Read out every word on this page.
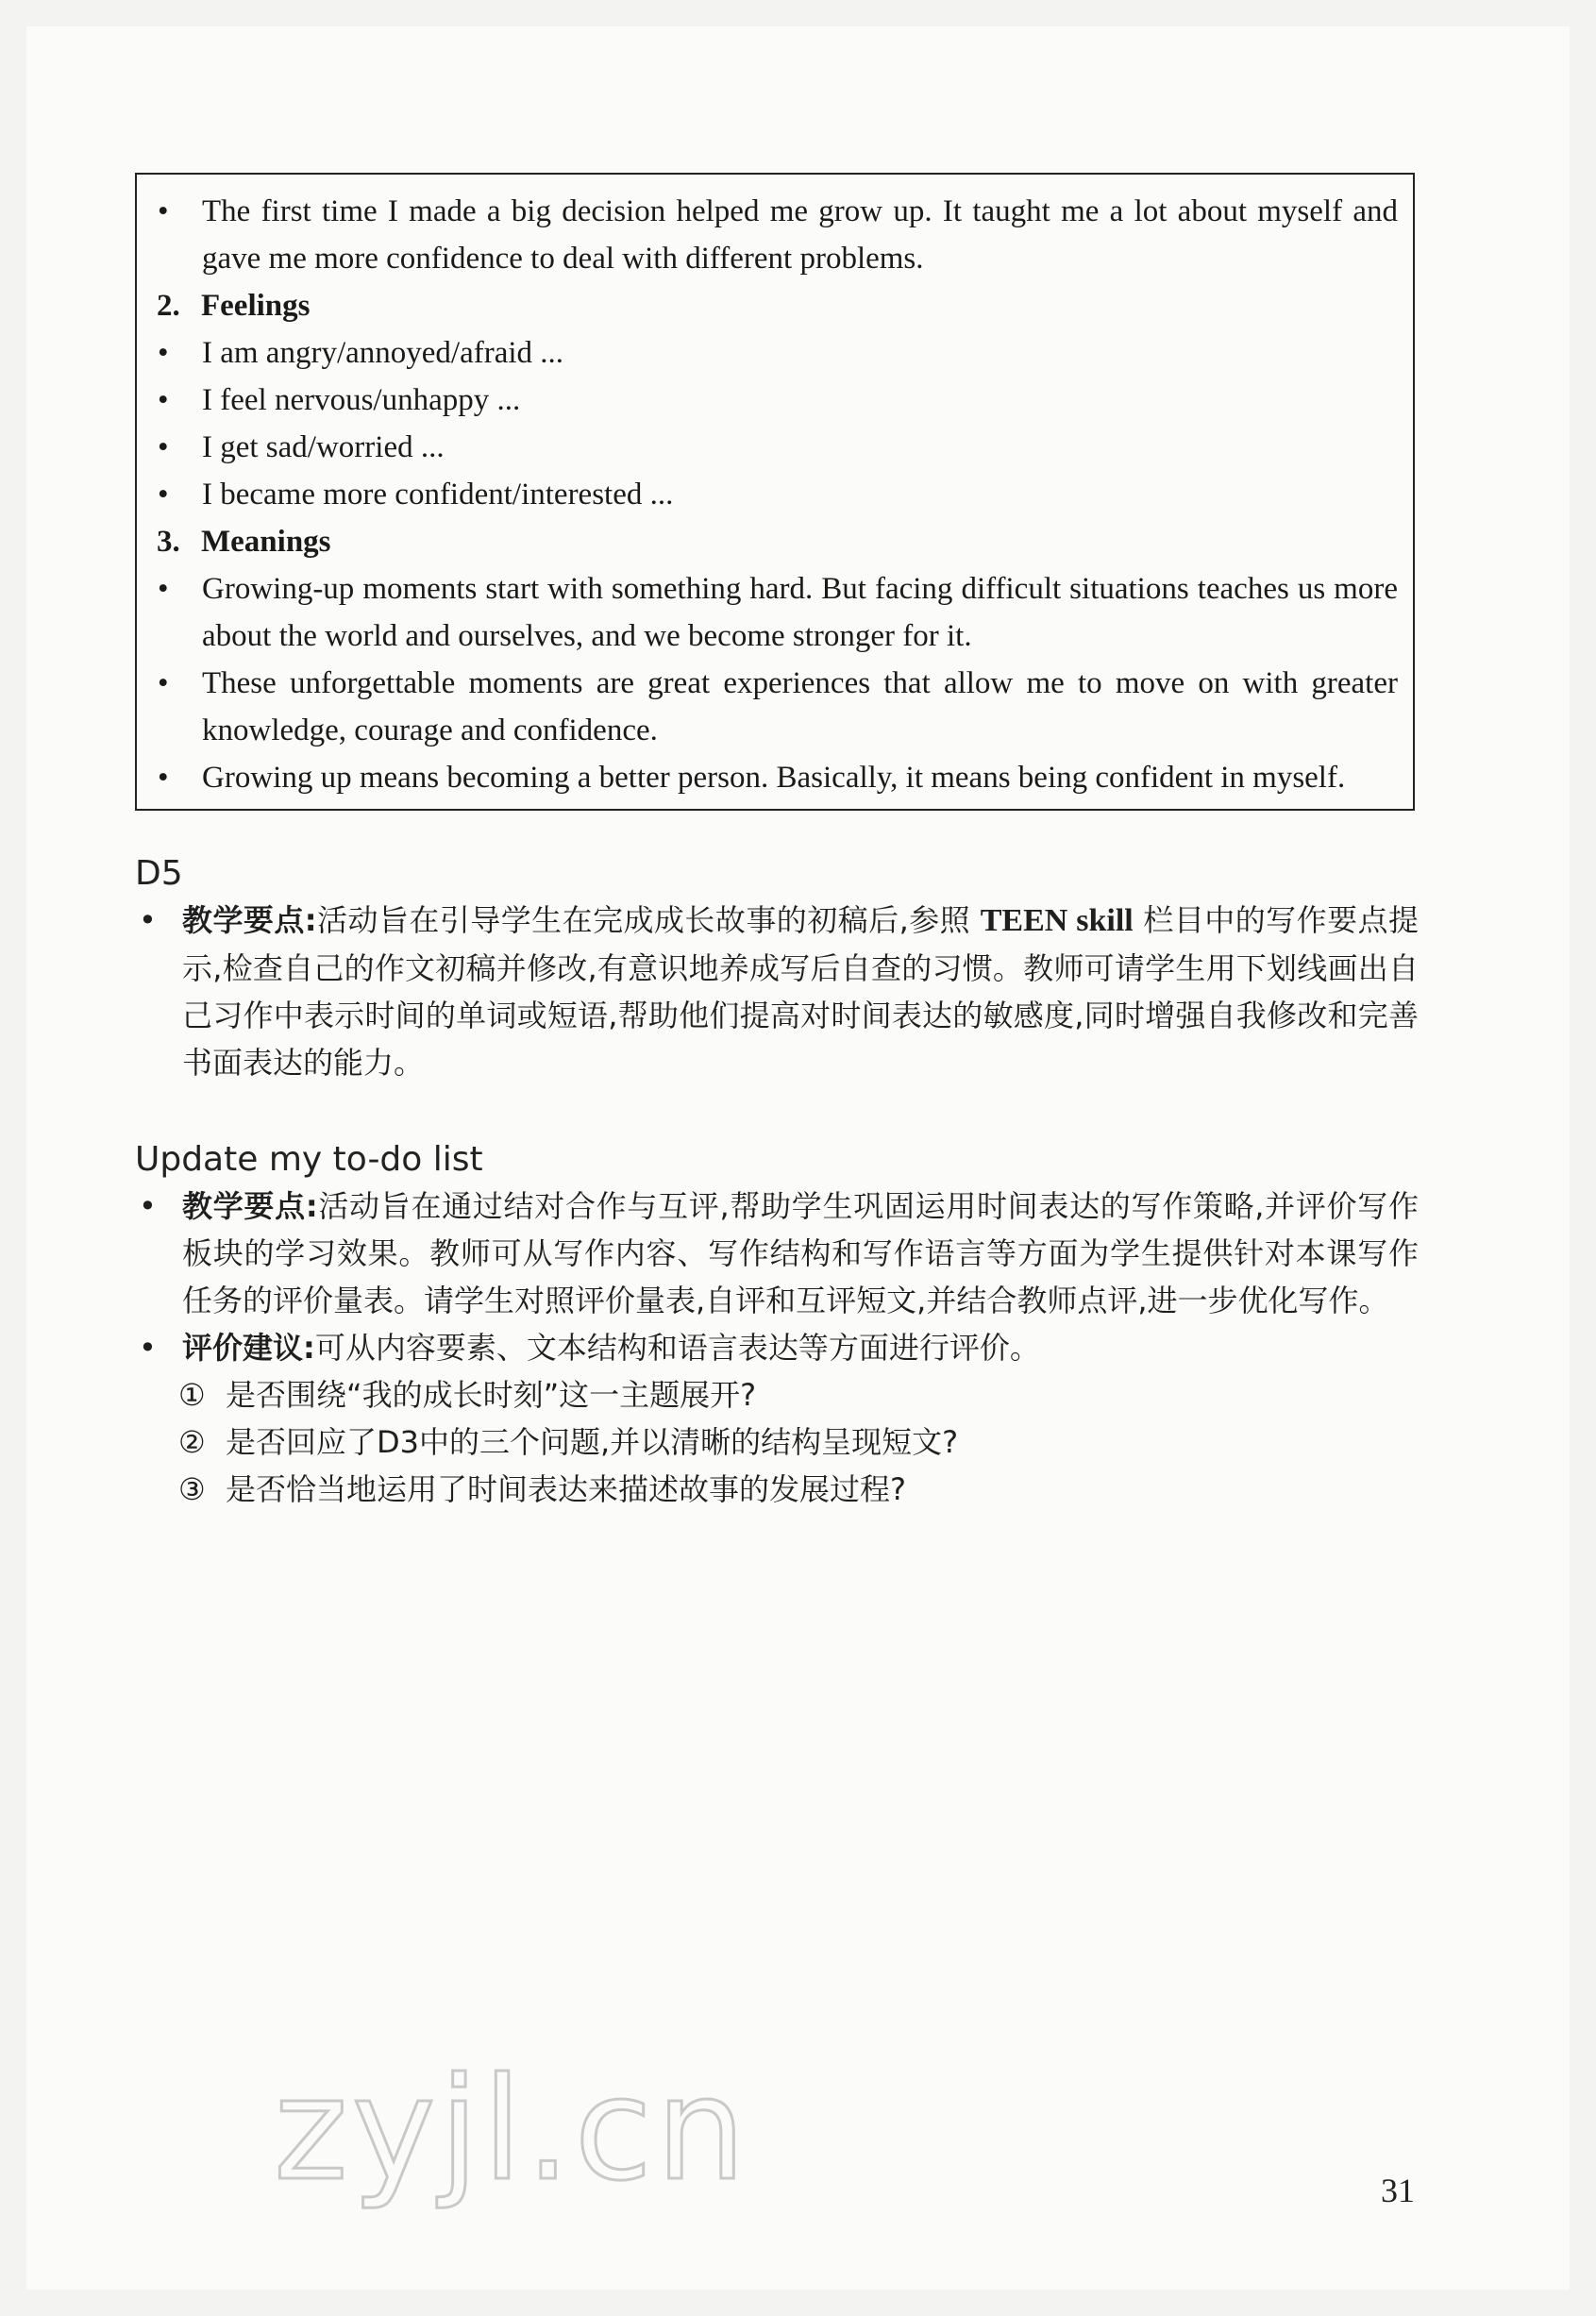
•	The first time I made a big decision helped me grow up. It taught me a lot about myself and gave me more confidence to deal with different problems.
2. Feelings
•	I am angry/annoyed/afraid ...
•	I feel nervous/unhappy ...
•	I get sad/worried ...
•	I became more confident/interested ...
3. Meanings
•	Growing-up moments start with something hard. But facing difficult situations teaches us more about the world and ourselves, and we become stronger for it.
•	These unforgettable moments are great experiences that allow me to move on with greater knowledge, courage and confidence.
•	Growing up means becoming a better person. Basically, it means being confident in myself.
D5
• 教学要点:活动旨在引导学生在完成成长故事的初稿后,参照 TEEN skill 栏目中的写作要点提示,检查自己的作文初稿并修改,有意识地养成写后自查的习惯。教师可请学生用下划线画出自己习作中表示时间的单词或短语,帮助他们提高对时间表达的敏感度,同时增强自我修改和完善书面表达的能力。
Update my to-do list
• 教学要点:活动旨在通过结对合作与互评,帮助学生巩固运用时间表达的写作策略,并评价写作板块的学习效果。教师可从写作内容、写作结构和写作语言等方面为学生提供针对本课写作任务的评价量表。请学生对照评价量表,自评和互评短文,并结合教师点评,进一步优化写作。
• 评价建议:可从内容要素、文本结构和语言表达等方面进行评价。
① 是否围绕“我的成长时刻”这一主题展开?
② 是否回应了D3中的三个问题,并以清晰的结构呈现短文?
③ 是否恰当地运用了时间表达来描述故事的发展过程?
zyjl.cn	31
